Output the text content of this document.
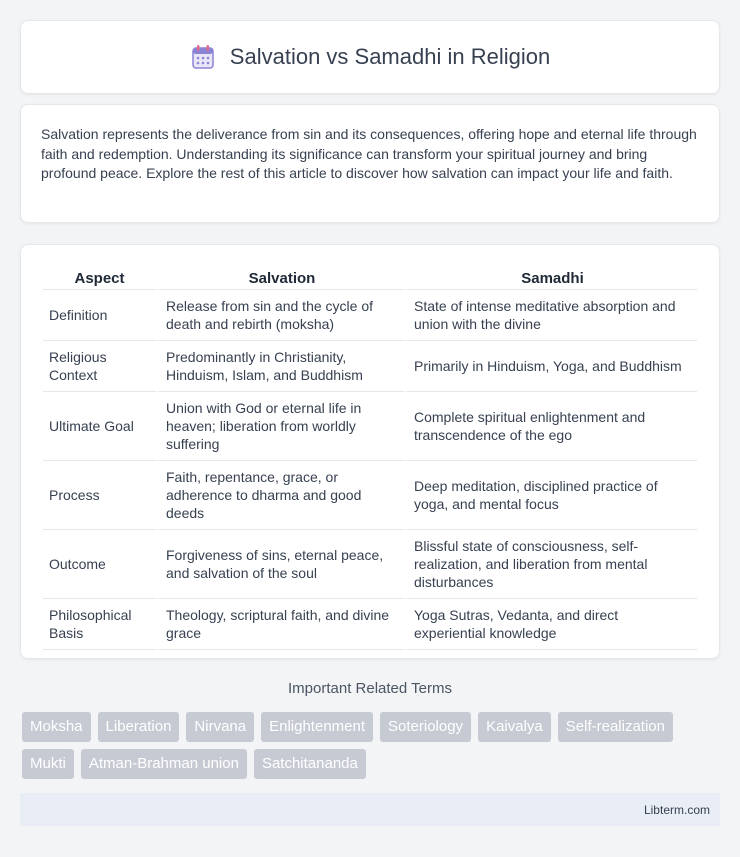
Salvation vs Samadhi in Religion

Salvation represents the deliverance from sin and its consequences, offering hope and eternal life through faith and redemption. Understanding its significance can transform your spiritual journey and bring profound peace. Explore the rest of this article to discover how salvation can impact your life and faith.

Aspect	Salvation	Samadhi
Definition	Release from sin and the cycle of death and rebirth (moksha)	State of intense meditative absorption and union with the divine
Religious Context	Predominantly in Christianity, Hinduism, Islam, and Buddhism	Primarily in Hinduism, Yoga, and Buddhism
Ultimate Goal	Union with God or eternal life in heaven; liberation from worldly suffering	Complete spiritual enlightenment and transcendence of the ego
Process	Faith, repentance, grace, or adherence to dharma and good deeds	Deep meditation, disciplined practice of yoga, and mental focus
Outcome	Forgiveness of sins, eternal peace, and salvation of the soul	Blissful state of consciousness, self-realization, and liberation from mental disturbances
Philosophical Basis	Theology, scriptural faith, and divine grace	Yoga Sutras, Vedanta, and direct experiential knowledge
Important Related Terms
Moksha	Liberation	Nirvana	Enlightenment	Soteriology	Kaivalya	Self-realization
Mukti	Atman-Brahman union	Satchitananda
Libterm.com
